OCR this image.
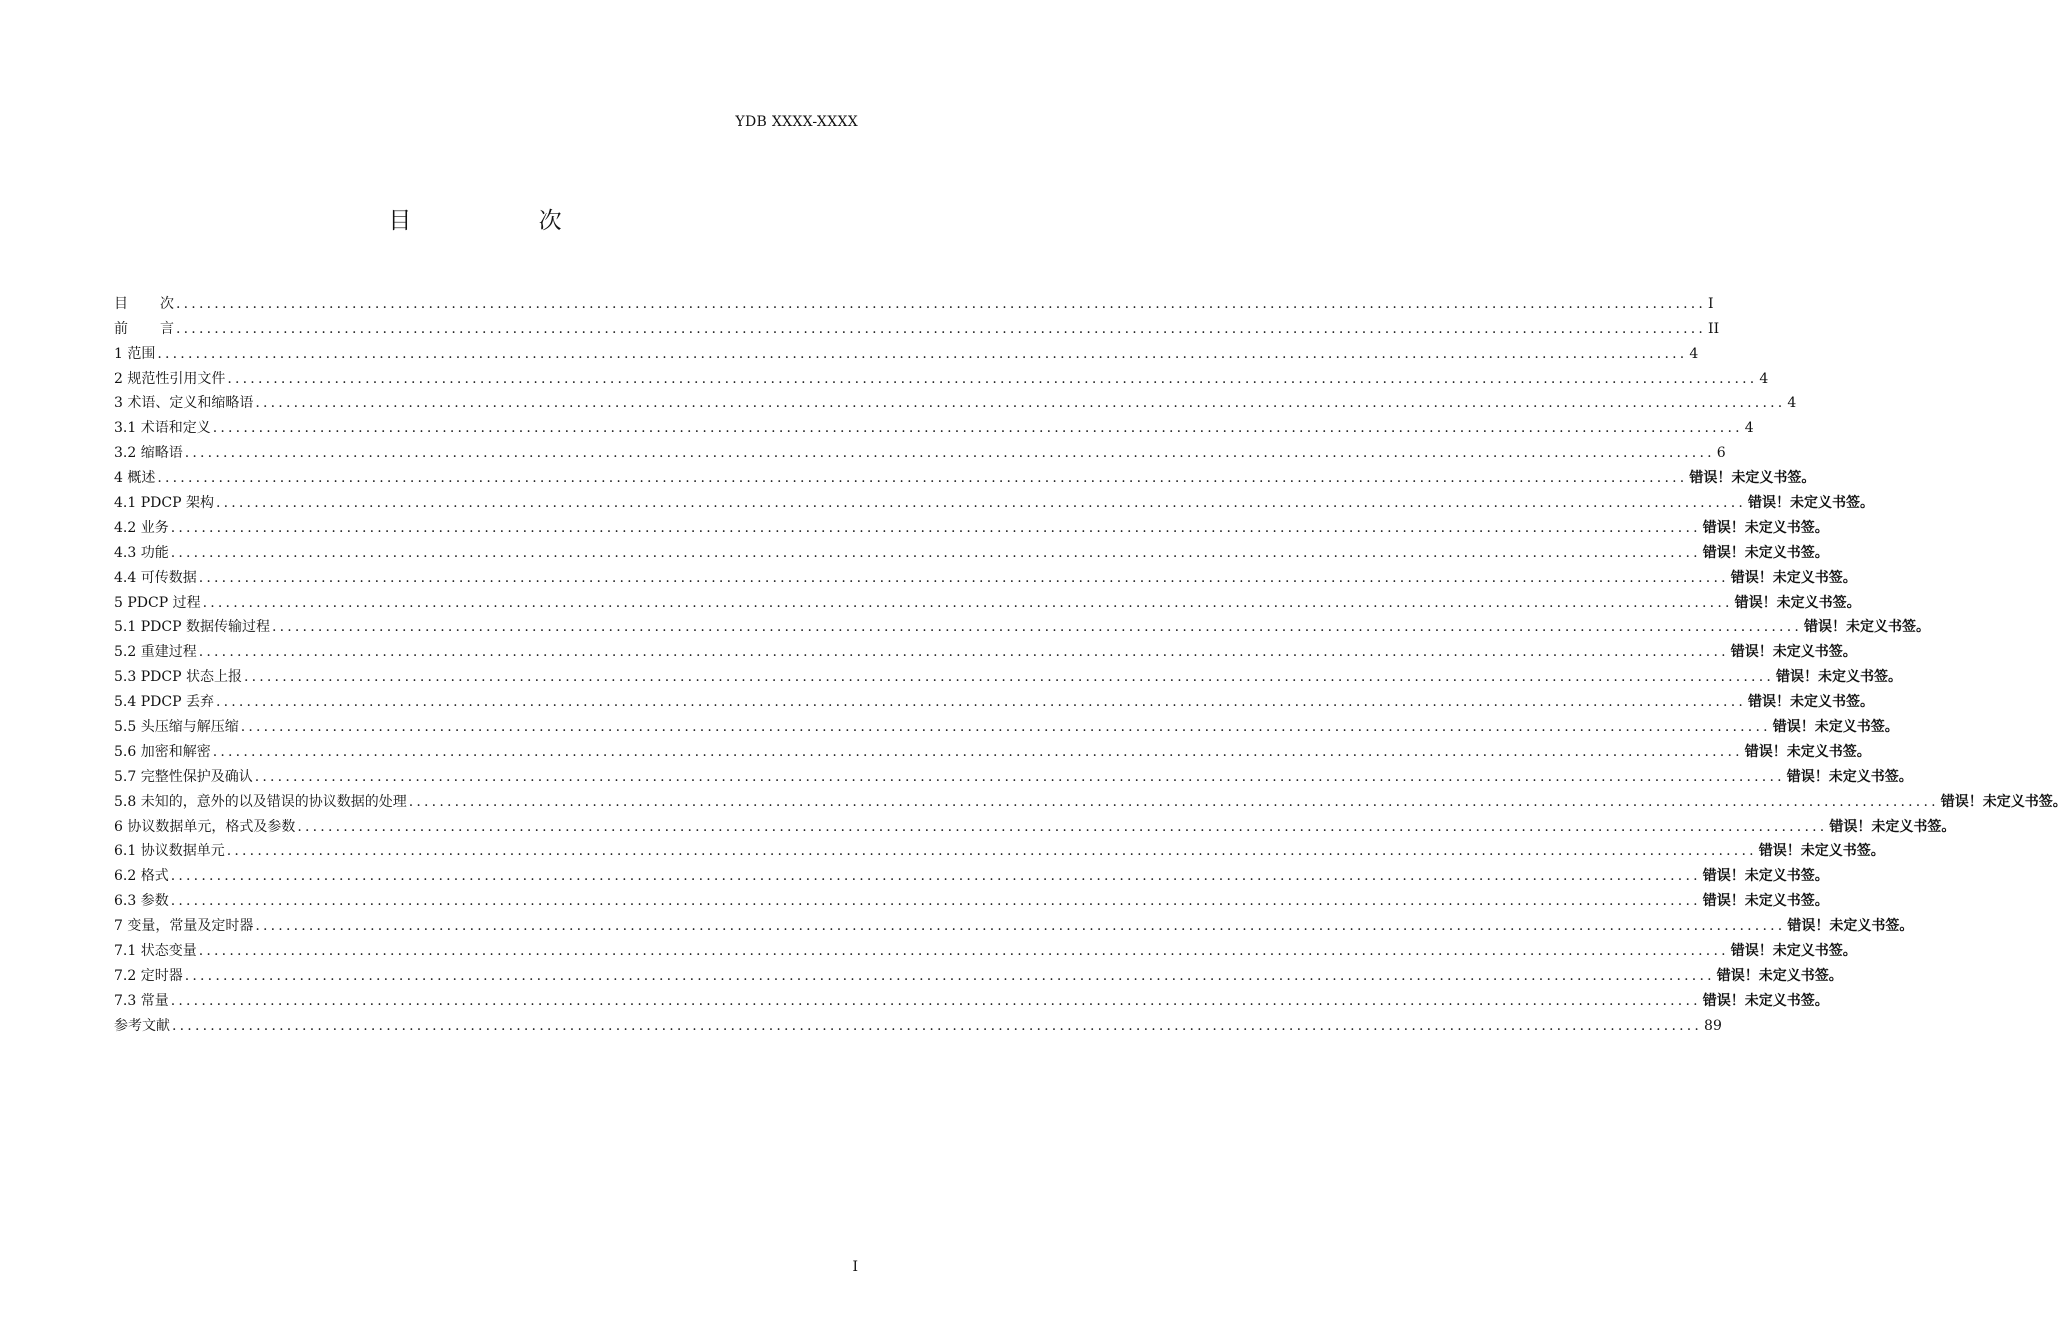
YDB XXXX-XXXX
目 次
目次 ........................................................................................................................................................................................................ I
前言 ........................................................................................................................................................................................................ II
1 范围 ........................................................................................................................................................................................................ 4
2 规范性引用文件 ........................................................................................................................................................................................................ 4
3 术语、定义和缩略语 ........................................................................................................................................................................................................ 4
3.1 术语和定义 ........................................................................................................................................................................................................ 4
3.2 缩略语 ........................................................................................................................................................................................................ 6
4 概述 ........................................................................................................................................................................................................ 错误！未定义书签。
4.1 PDCP 架构 ........................................................................................................................................................................................................ 错误！未定义书签。
4.2 业务 ........................................................................................................................................................................................................ 错误！未定义书签。
4.3 功能 ........................................................................................................................................................................................................ 错误！未定义书签。
4.4 可传数据 ........................................................................................................................................................................................................ 错误！未定义书签。
5 PDCP 过程 ........................................................................................................................................................................................................ 错误！未定义书签。
5.1 PDCP 数据传输过程 ........................................................................................................................................................................................................ 错误！未定义书签。
5.2 重建过程 ........................................................................................................................................................................................................ 错误！未定义书签。
5.3 PDCP 状态上报 ........................................................................................................................................................................................................ 错误！未定义书签。
5.4 PDCP 丢弃 ........................................................................................................................................................................................................ 错误！未定义书签。
5.5 头压缩与解压缩 ........................................................................................................................................................................................................ 错误！未定义书签。
5.6 加密和解密 ........................................................................................................................................................................................................ 错误！未定义书签。
5.7 完整性保护及确认 ........................................................................................................................................................................................................ 错误！未定义书签。
5.8 未知的，意外的以及错误的协议数据的处理 ........................................................................................................................................................................................................ 错误！未定义书签。
6 协议数据单元，格式及参数 ........................................................................................................................................................................................................ 错误！未定义书签。
6.1 协议数据单元 ........................................................................................................................................................................................................ 错误！未定义书签。
6.2 格式 ........................................................................................................................................................................................................ 错误！未定义书签。
6.3 参数 ........................................................................................................................................................................................................ 错误！未定义书签。
7 变量，常量及定时器 ........................................................................................................................................................................................................ 错误！未定义书签。
7.1 状态变量 ........................................................................................................................................................................................................ 错误！未定义书签。
7.2 定时器 ........................................................................................................................................................................................................ 错误！未定义书签。
7.3 常量 ........................................................................................................................................................................................................ 错误！未定义书签。
参考文献 ........................................................................................................................................................................................................ 89
I
